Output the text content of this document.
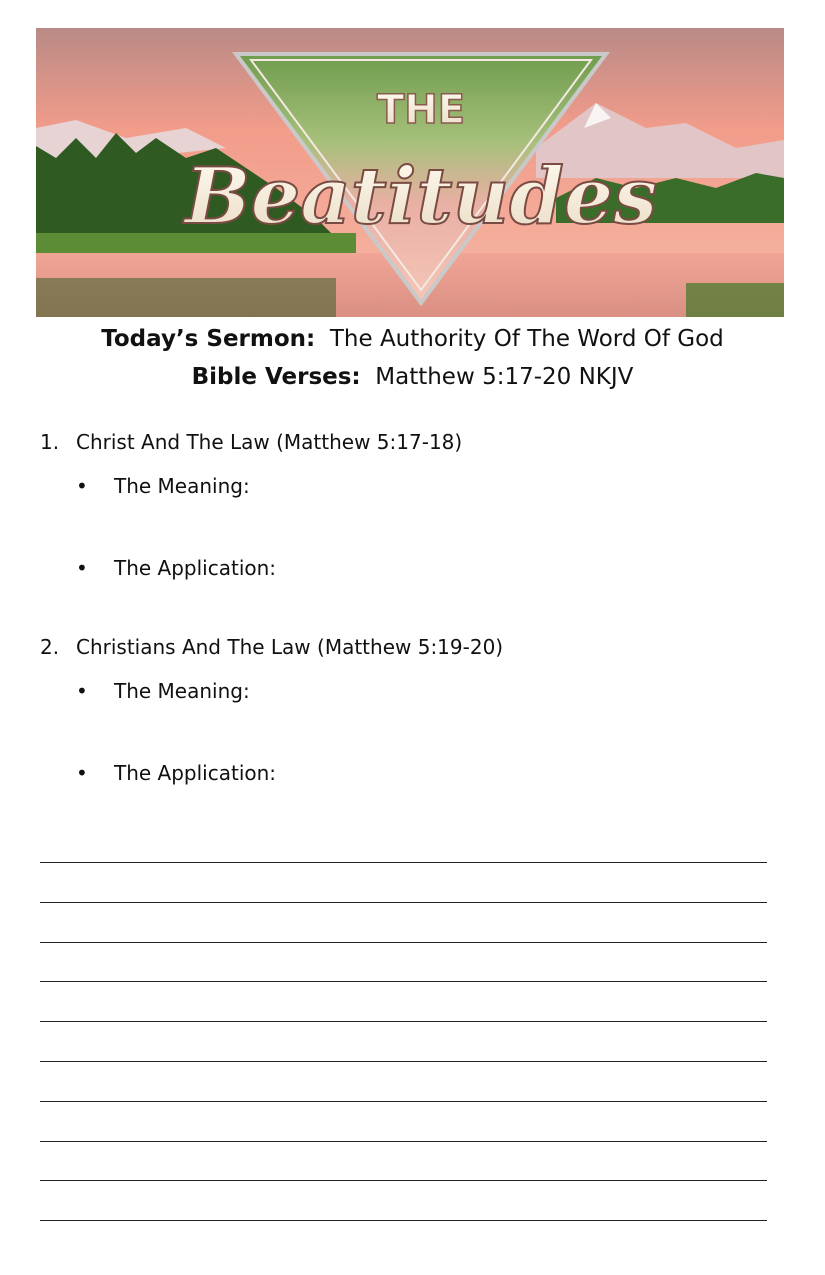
THE
Beatitudes
Today’s Sermon: The Authority Of The Word Of God
Bible Verses: Matthew 5:17-20 NKJV
1. Christ And The Law (Matthew 5:17-18)
• The Meaning:
• The Application:
2. Christians And The Law (Matthew 5:19-20)
• The Meaning:
• The Application:
